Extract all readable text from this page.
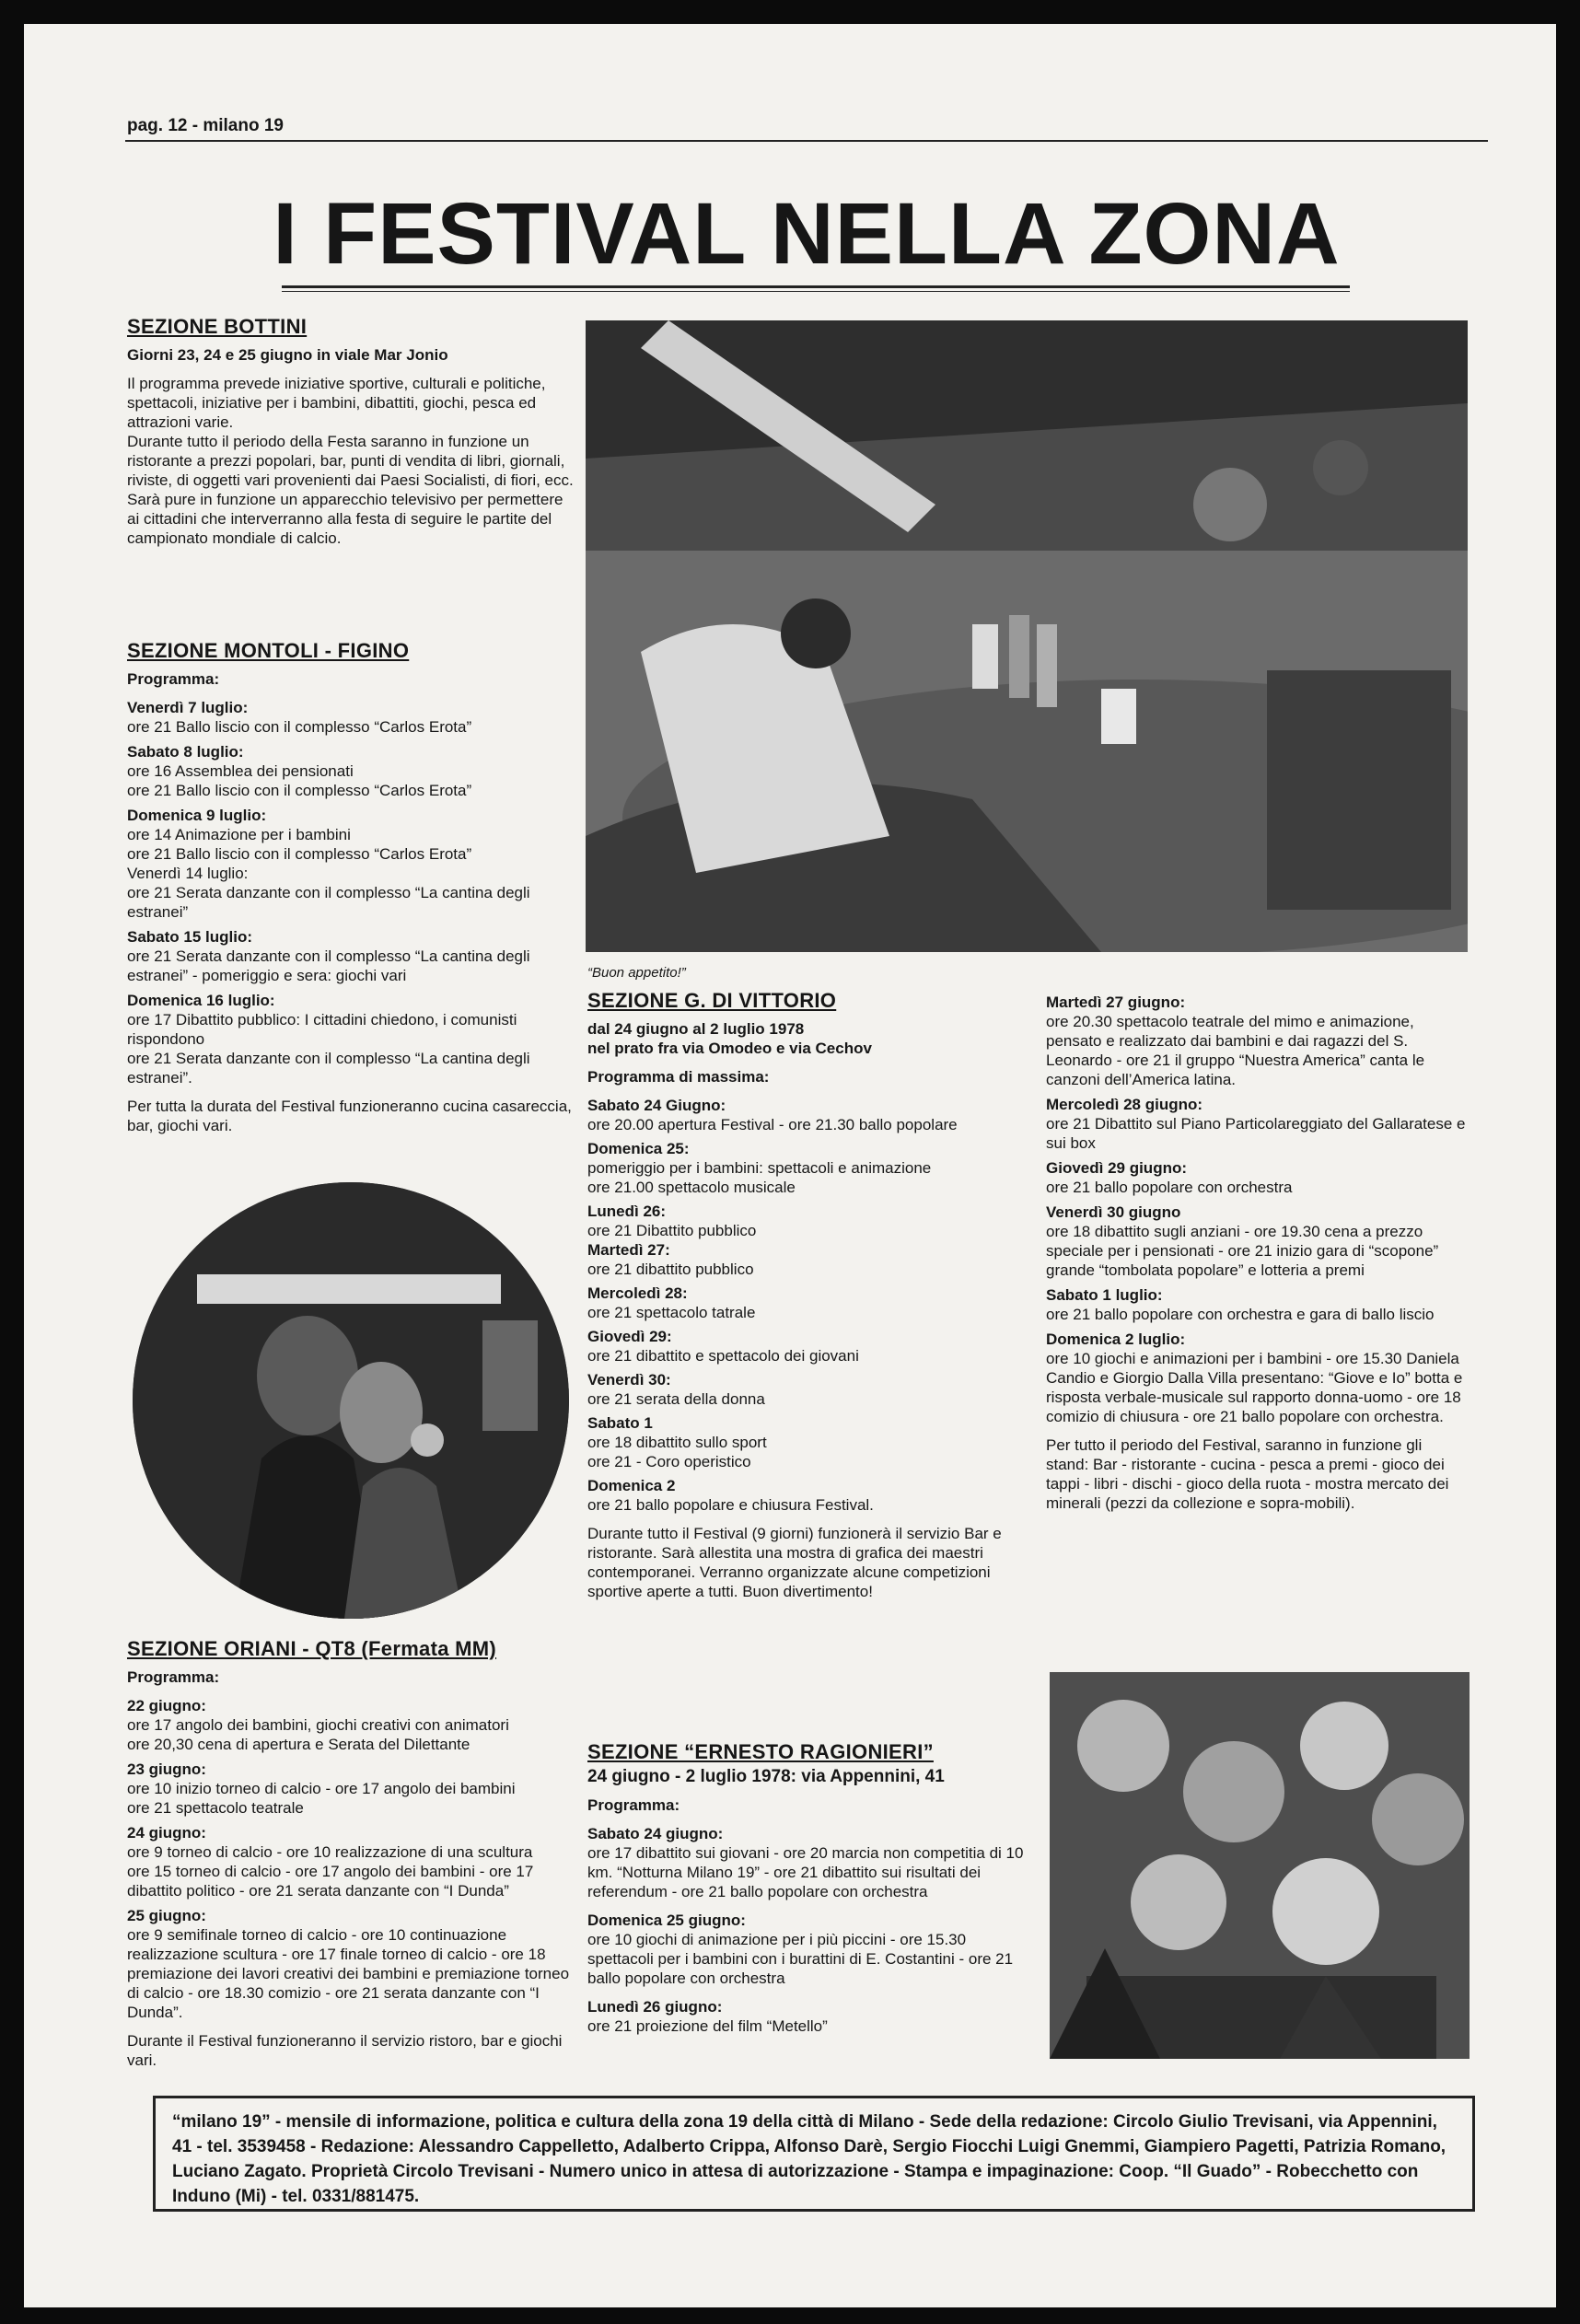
pag. 12 - milano 19
I FESTIVAL NELLA ZONA
SEZIONE BOTTINI
Giorni 23, 24 e 25 giugno in viale Mar Jonio

Il programma prevede iniziative sportive, culturali e politiche, spettacoli, iniziative per i bambini, dibattiti, giochi, pesca ed attrazioni varie.

Durante tutto il periodo della Festa saranno in funzione un ristorante a prezzi popolari, bar, punti di vendita di libri, giornali, riviste, di oggetti vari provenienti dai Paesi Socialisti, di fiori, ecc.

Sarà pure in funzione un apparecchio televisivo per permettere ai cittadini che interverranno alla festa di seguire le partite del campionato mondiale di calcio.

SEZIONE MONTOLI - FIGINO
Programma:
Venerdì 7 luglio:

ore 21 Ballo liscio con il complesso “Carlos Erota”

Sabato 8 luglio:

ore 16 Assemblea dei pensionati

ore 21 Ballo liscio con il complesso “Carlos Erota”

Domenica 9 luglio:

ore 14 Animazione per i bambini

ore 21 Ballo liscio con il complesso “Carlos Erota”

Venerdì 14 luglio:

ore 21 Serata danzante con il complesso “La cantina degli estranei”

Sabato 15 luglio:

ore 21 Serata danzante con il complesso “La cantina degli estranei” - pomeriggio e sera: giochi vari

Domenica 16 luglio:

ore 17 Dibattito pubblico: I cittadini chiedono, i comunisti rispondono

ore 21 Serata danzante con il complesso “La cantina degli estranei”.

Per tutta la durata del Festival funzioneranno cucina casareccia, bar, giochi vari.

SEZIONE ORIANI - QT8 (Fermata MM)
Programma:
22 giugno:

ore 17 angolo dei bambini, giochi creativi con animatori

ore 20,30 cena di apertura e Serata del Dilettante

23 giugno:

ore 10 inizio torneo di calcio - ore 17 angolo dei bambini

ore 21 spettacolo teatrale

24 giugno:

ore 9 torneo di calcio - ore 10 realizzazione di una scultura

ore 15 torneo di calcio - ore 17 angolo dei bambini - ore 17 dibattito politico - ore 21 serata danzante con “I Dunda”

25 giugno:

ore 9 semifinale torneo di calcio - ore 10 continuazione realizzazione scultura - ore 17 finale torneo di calcio - ore 18 premiazione dei lavori creativi dei bambini e premiazione torneo di calcio - ore 18.30 comizio - ore 21 serata danzante con “I Dunda”.

Durante il Festival funzioneranno il servizio ristoro, bar e giochi vari.

“Buon appetito!”
SEZIONE G. DI VITTORIO
dal 24 giugno al 2 luglio 1978
nel prato fra via Omodeo e via Cechov
Programma di massima:
Sabato 24 Giugno:

ore 20.00 apertura Festival - ore 21.30 ballo popolare

Domenica 25:

pomeriggio per i bambini: spettacoli e animazione

ore 21.00 spettacolo musicale

Lunedì 26:

ore 21 Dibattito pubblico

Martedì 27:

ore 21 dibattito pubblico

Mercoledì 28:

ore 21 spettacolo tatrale

Giovedì 29:

ore 21 dibattito e spettacolo dei giovani

Venerdì 30:

ore 21 serata della donna

Sabato 1

ore 18 dibattito sullo sport

ore 21 - Coro operistico

Domenica 2

ore 21 ballo popolare e chiusura Festival.

Durante tutto il Festival (9 giorni) funzionerà il servizio Bar e ristorante. Sarà allestita una mostra di grafica dei maestri contemporanei. Verranno organizzate alcune competizioni sportive aperte a tutti. Buon divertimento!

SEZIONE “ERNESTO RAGIONIERI”
24 giugno - 2 luglio 1978: via Appennini, 41
Programma:
Sabato 24 giugno:

ore 17 dibattito sui giovani - ore 20 marcia non competitia di 10 km. “Notturna Milano 19” - ore 21 dibattito sui risultati dei referendum - ore 21 ballo popolare con orchestra

Domenica 25 giugno:

ore 10 giochi di animazione per i più piccini - ore 15.30 spettacoli per i bambini con i burattini di E. Costantini - ore 21 ballo popolare con orchestra

Lunedì 26 giugno:

ore 21 proiezione del film “Metello”

Martedì 27 giugno:

ore 20.30 spettacolo teatrale del mimo e animazione, pensato e realizzato dai bambini e dai ragazzi del S. Leonardo - ore 21 il gruppo “Nuestra America” canta le canzoni dell’America latina.

Mercoledì 28 giugno:

ore 21 Dibattito sul Piano Particolareggiato del Gallaratese e sui box

Giovedì 29 giugno:

ore 21 ballo popolare con orchestra

Venerdì 30 giugno

ore 18 dibattito sugli anziani - ore 19.30 cena a prezzo speciale per i pensionati - ore 21 inizio gara di “scopone” grande “tombolata popolare” e lotteria a premi

Sabato 1 luglio:

ore 21 ballo popolare con orchestra e gara di ballo liscio

Domenica 2 luglio:

ore 10 giochi e animazioni per i bambini - ore 15.30 Daniela Candio e Giorgio Dalla Villa presentano: “Giove e Io” botta e risposta verbale-musicale sul rapporto donna-uomo - ore 18 comizio di chiusura - ore 21 ballo popolare con orchestra.

Per tutto il periodo del Festival, saranno in funzione gli stand: Bar - ristorante - cucina - pesca a premi - gioco dei tappi - libri - dischi - gioco della ruota - mostra mercato dei minerali (pezzi da collezione e sopra-mobili).

“milano 19” - mensile di informazione, politica e cultura della zona 19 della città di Milano - Sede della redazione: Circolo Giulio Trevisani, via Appennini, 41 - tel. 3539458 - Redazione: Alessandro Cappelletto, Adalberto Crippa, Alfonso Darè, Sergio Fiocchi Luigi Gnemmi, Giampiero Pagetti, Patrizia Romano, Luciano Zagato. Proprietà Circolo Trevisani - Numero unico in attesa di autorizzazione - Stampa e impaginazione: Coop. “Il Guado” - Robecchetto con Induno (Mi) - tel. 0331/881475.
